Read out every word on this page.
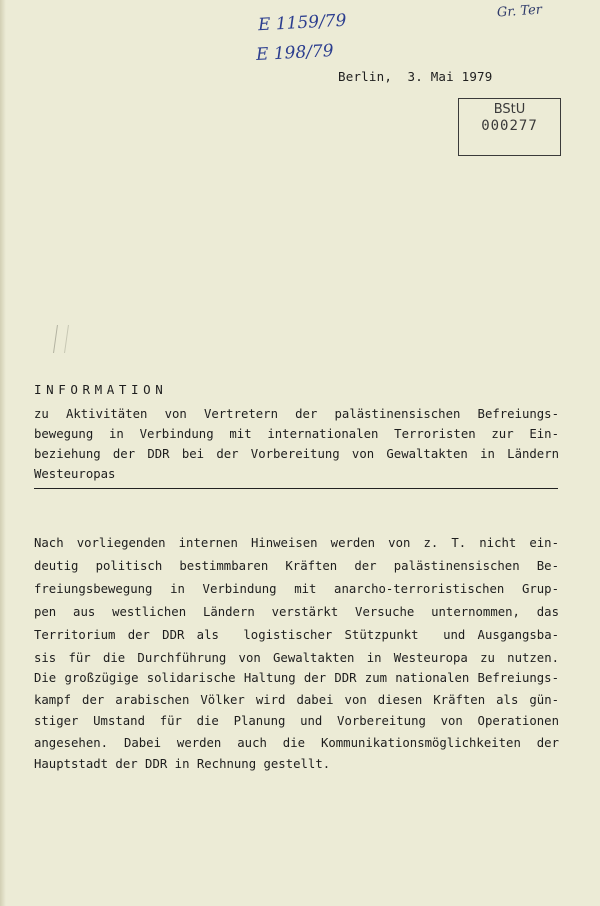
E 1159/79
E 198/79
Gr. Ter
Berlin,  3. Mai 1979
BStU
000277
INFORMATION
zu Aktivitäten von Vertretern der palästinensischen Befreiungs-
bewegung in Verbindung mit internationalen Terroristen zur Ein-
beziehung der DDR bei der Vorbereitung von Gewaltakten in Ländern
Westeuropas
Nach vorliegenden internen Hinweisen werden von z. T. nicht ein-
deutig politisch bestimmbaren Kräften der palästinensischen Be-
freiungsbewegung in Verbindung mit anarcho-terroristischen Grup-
pen aus westlichen Ländern verstärkt Versuche unternommen, das
Territorium der DDR als  logistischer Stützpunkt  und Ausgangsba-
sis für die Durchführung von Gewaltakten in Westeuropa zu nutzen.
Die großzügige solidarische Haltung der DDR zum nationalen Befreiungs-
kampf der arabischen Völker wird dabei von diesen Kräften als gün-
stiger Umstand für die Planung und Vorbereitung von Operationen
angesehen. Dabei werden auch die Kommunikationsmöglichkeiten der
Hauptstadt der DDR in Rechnung gestellt.
